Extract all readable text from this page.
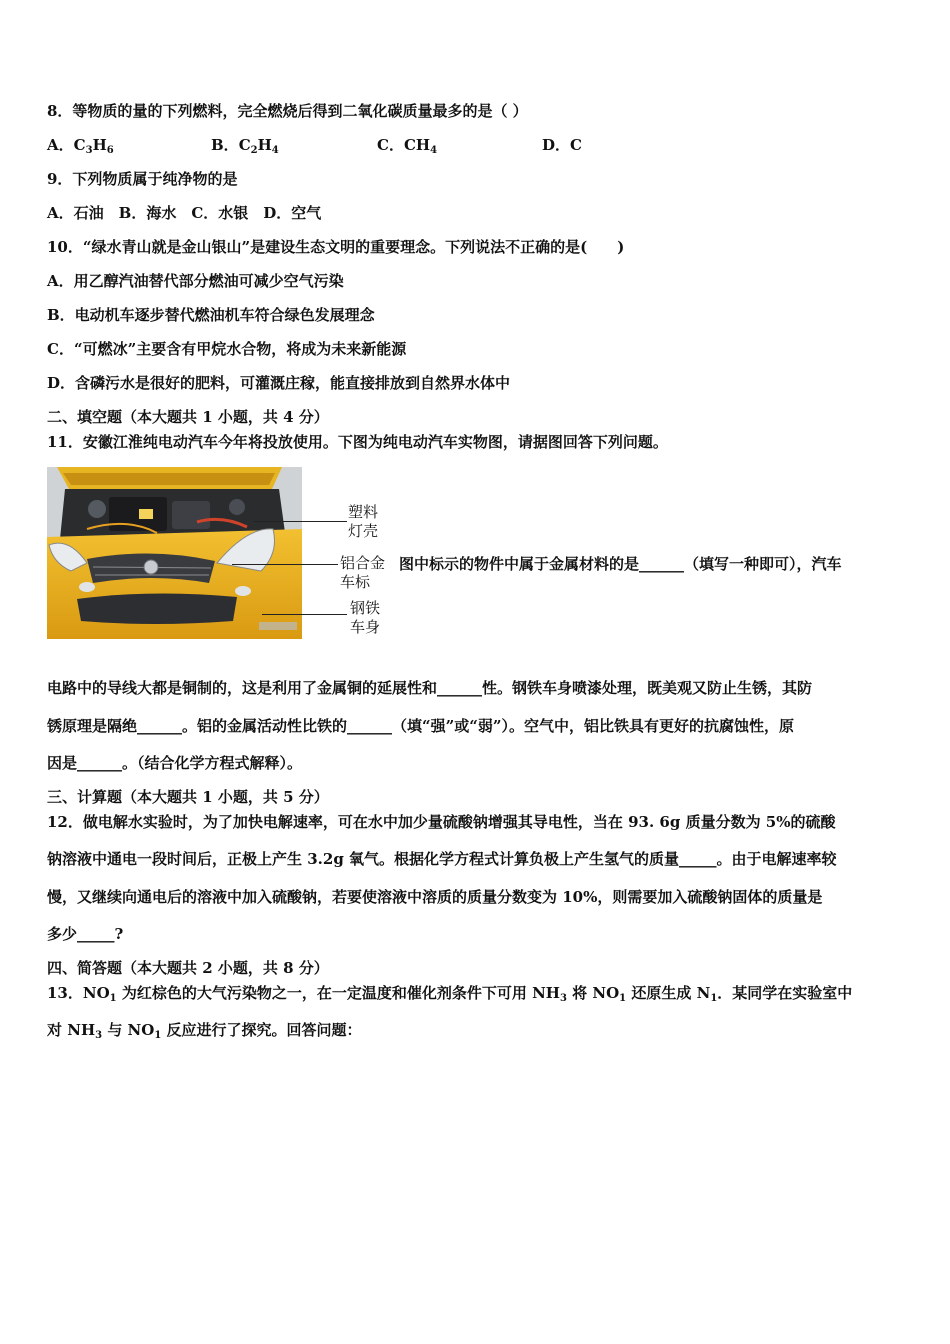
8．等物质的量的下列燃料，完全燃烧后得到二氧化碳质量最多的是（ ）
A．$C_3H_6$	B．$C_2H_4$	C．$CH_4$	D．C
9．下列物质属于纯净物的是
A．石油　B．海水　C．水银　D．空气
10．“绿水青山就是金山银山”是建设生态文明的重要理念。下列说法不正确的是(　　)
A．用乙醇汽油替代部分燃油可减少空气污染
B．电动机车逐步替代燃油机车符合绿色发展理念
C．“可燃冰”主要含有甲烷水合物，将成为未来新能源
D．含磷污水是很好的肥料，可灌溉庄稼，能直接排放到自然界水体中
二、填空题（本大题共 1 小题，共 4 分）
11．安徽江淮纯电动汽车今年将投放使用。下图为纯电动汽车实物图，请据图回答下列问题。
塑料
灯壳
铝合金
车标
钢铁
车身
图中标示的物件中属于金属材料的是______（填写一种即可），汽车
电路中的导线大都是铜制的，这是利用了金属铜的延展性和______性。钢铁车身喷漆处理，既美观又防止生锈，其防
锈原理是隔绝______。铝的金属活动性比铁的______（填“强”或“弱”）。空气中，铝比铁具有更好的抗腐蚀性，原
因是______。（结合化学方程式解释）。
三、计算题（本大题共 1 小题，共 5 分）
12．做电解水实验时，为了加快电解速率，可在水中加少量硫酸钠增强其导电性，当在 93. 6g 质量分数为 5%的硫酸
钠溶液中通电一段时间后，正极上产生 3.2g 氧气。根据化学方程式计算负极上产生氢气的质量_____。由于电解速率较
慢，又继续向通电后的溶液中加入硫酸钠，若要使溶液中溶质的质量分数变为 10%，则需要加入硫酸钠固体的质量是
多少_____?
四、简答题（本大题共 2 小题，共 8 分）
13．$NO_1$ 为红棕色的大气污染物之一，在一定温度和催化剂条件下可用 $NH_3$ 将 $NO_1$ 还原生成 $N_1$．某同学在实验室中
对 $NH_3$ 与 $NO_1$ 反应进行了探究。回答问题：
